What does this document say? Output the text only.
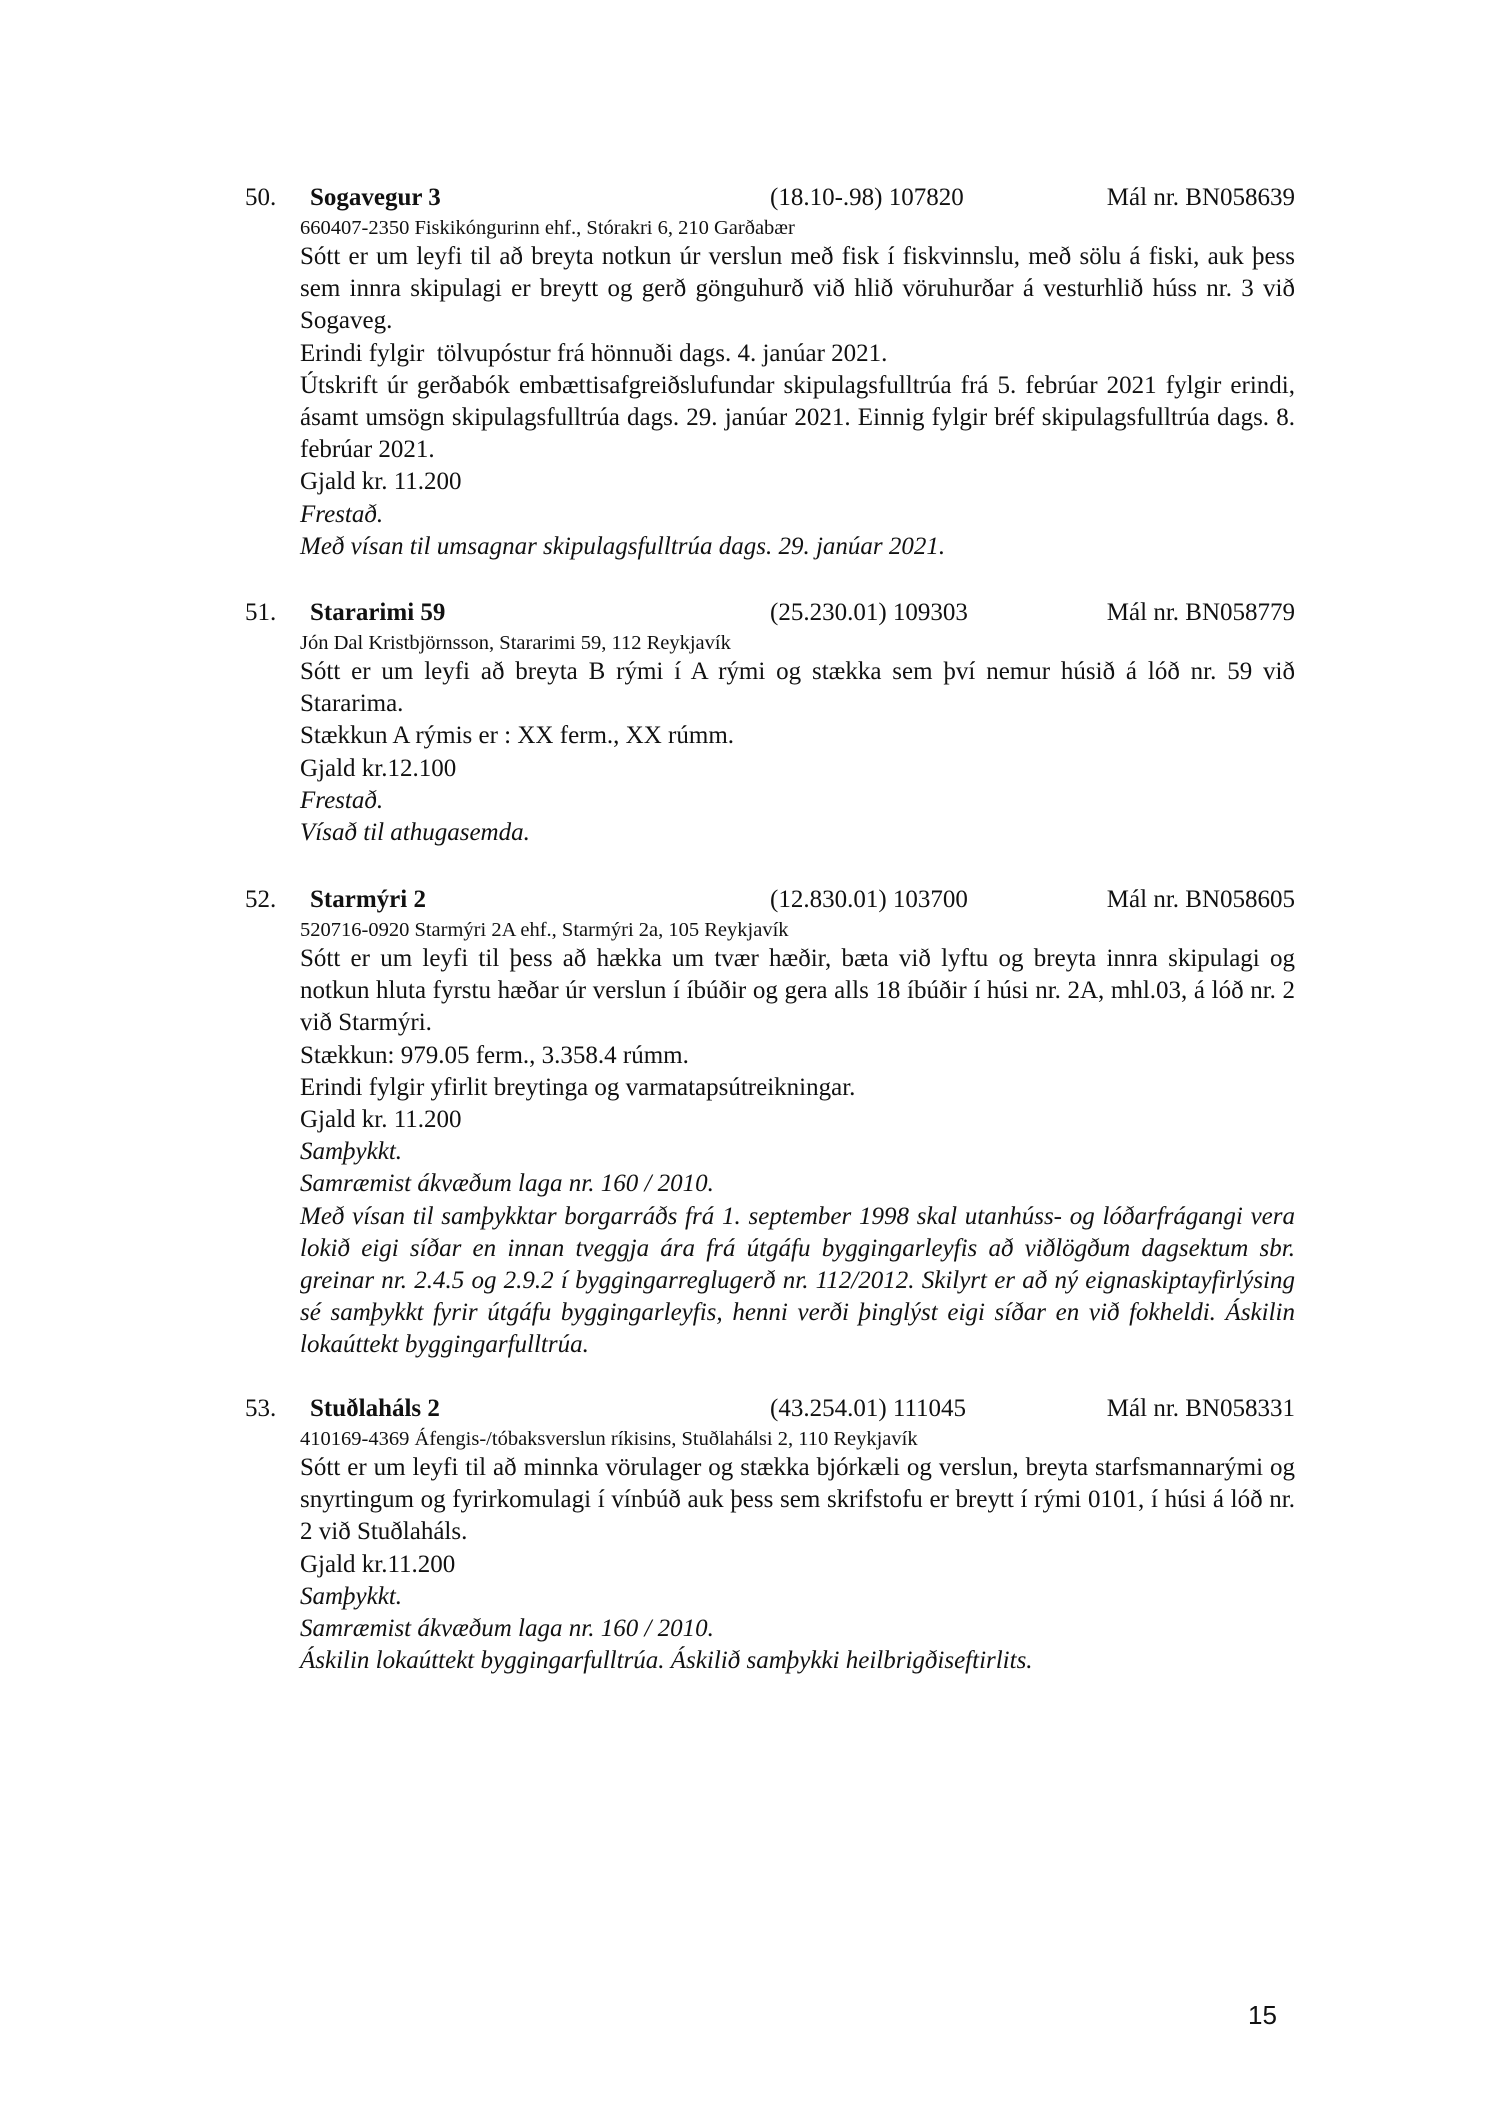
50. Sogavegur 3	(18.10-.98) 107820	Mál nr. BN058639
660407-2350 Fiskikóngurinn ehf., Stórakri 6, 210 Garðabær
Sótt er um leyfi til að breyta notkun úr verslun með fisk í fiskvinnslu, með sölu á fiski, auk þess sem innra skipulagi er breytt og gerð gönguhurð við hlið vöruhurðar á vesturhlið húss nr. 3 við Sogaveg.
Erindi fylgir  tölvupóstur frá hönnuði dags. 4. janúar 2021.
Útskrift úr gerðabók embættisafgreiðslufundar skipulagsfulltrúa frá 5. febrúar 2021 fylgir erindi, ásamt umsögn skipulagsfulltrúa dags. 29. janúar 2021. Einnig fylgir bréf skipulagsfulltrúa dags. 8. febrúar 2021.
Gjald kr. 11.200
Frestað.
Með vísan til umsagnar skipulagsfulltrúa dags. 29. janúar 2021.
51. Stararimi 59	(25.230.01) 109303	Mál nr. BN058779
Jón Dal Kristbjörnsson, Stararimi 59, 112 Reykjavík
Sótt er um leyfi að breyta B rými í A rými og stækka sem því nemur húsið á lóð nr. 59 við Stararima.
Stækkun A rýmis er : XX ferm., XX rúmm.
Gjald kr.12.100
Frestað.
Vísað til athugasemda.
52. Starmýri 2	(12.830.01) 103700	Mál nr. BN058605
520716-0920 Starmýri 2A ehf., Starmýri 2a, 105 Reykjavík
Sótt er um leyfi til þess að hækka um tvær hæðir, bæta við lyftu og breyta innra skipulagi og notkun hluta fyrstu hæðar úr verslun í íbúðir og gera alls 18 íbúðir í húsi nr. 2A, mhl.03, á lóð nr. 2 við Starmýri.
Stækkun: 979.05 ferm., 3.358.4 rúmm.
Erindi fylgir yfirlit breytinga og varmatapsútreikningar.
Gjald kr. 11.200
Samþykkt.
Samræmist ákvæðum laga nr. 160 / 2010.
Með vísan til samþykktar borgarráðs frá 1. september 1998 skal utanhúss- og lóðarfrágangi vera lokið eigi síðar en innan tveggja ára frá útgáfu byggingarleyfis að viðlögðum dagsektum sbr. greinar nr. 2.4.5 og 2.9.2 í byggingarreglugerð nr. 112/2012. Skilyrt er að ný eignaskiptayfirlýsing sé samþykkt fyrir útgáfu byggingarleyfis, henni verði þinglýst eigi síðar en við fokheldi. Áskilin lokaúttekt byggingarfulltrúa.
53. Stuðlaháls 2	(43.254.01) 111045	Mál nr. BN058331
410169-4369 Áfengis-/tóbaksverslun ríkisins, Stuðlahálsi 2, 110 Reykjavík
Sótt er um leyfi til að minnka vörulager og stækka bjórkæli og verslun, breyta starfsmannarými og snyrtingum og fyrirkomulagi í vínbúð auk þess sem skrifstofu er breytt í rými 0101, í húsi á lóð nr. 2 við Stuðlaháls.
Gjald kr.11.200
Samþykkt.
Samræmist ákvæðum laga nr. 160 / 2010.
Áskilin lokaúttekt byggingarfulltrúa. Áskilið samþykki heilbrigðiseftirlits.
15
